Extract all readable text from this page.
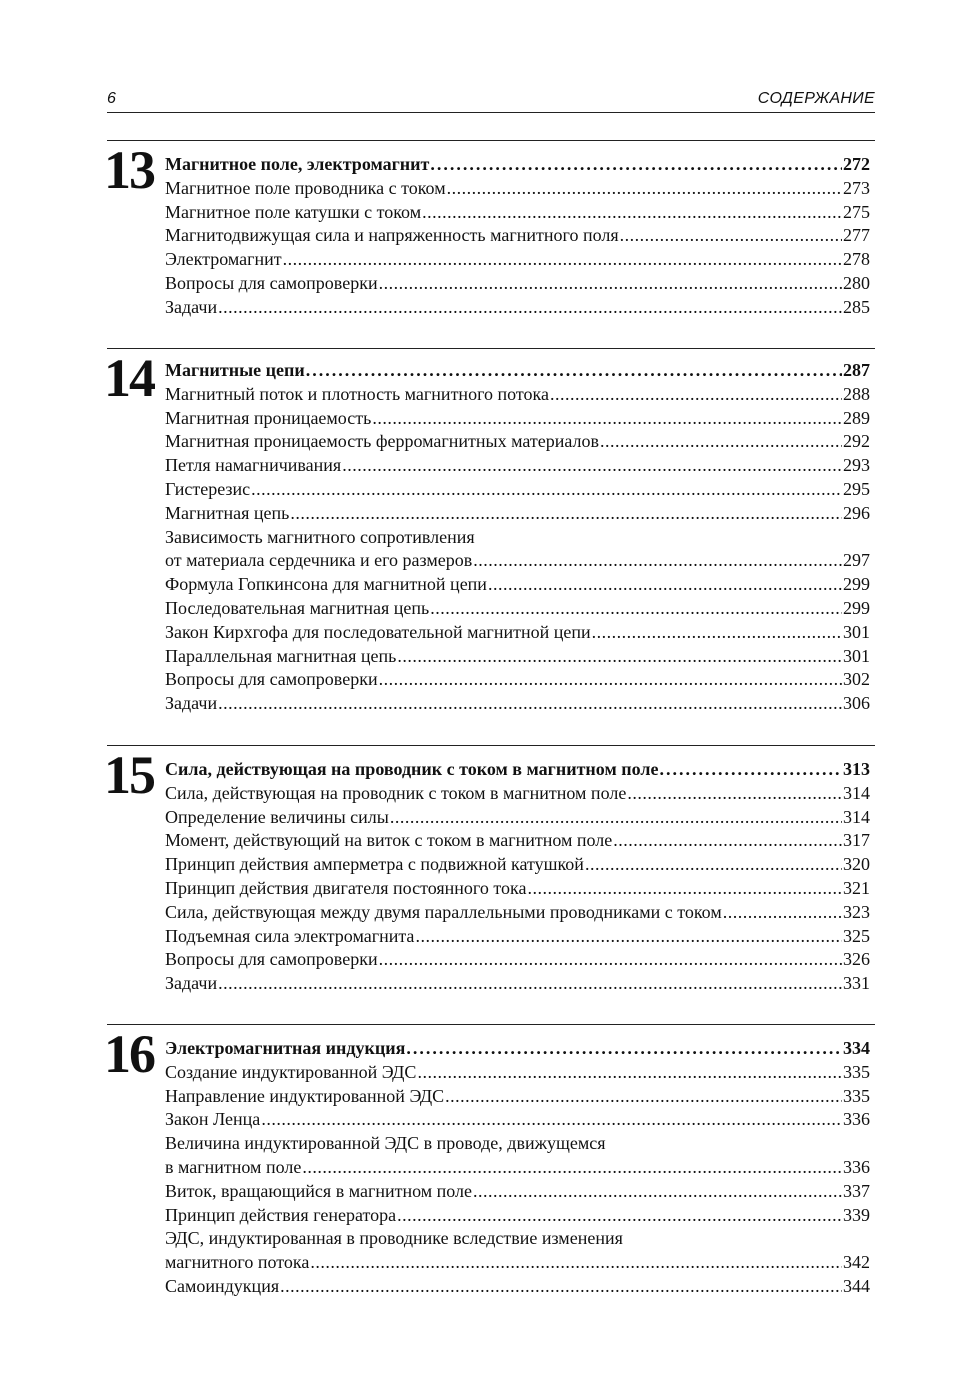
6	СОДЕРЖАНИЕ
13 Магнитное поле, электромагнит .....	272
Магнитное поле проводника с током .....	273
Магнитное поле катушки с током .....	275
Магнитодвижущая сила и напряженность магнитного поля .....	277
Электромагнит .....	278
Вопросы для самопроверки .....	280
Задачи .....	285
14 Магнитные цепи .....	287
Магнитный поток и плотность магнитного потока .....	288
Магнитная проницаемость .....	289
Магнитная проницаемость ферромагнитных материалов .....	292
Петля намагничивания .....	293
Гистерезис .....	295
Магнитная цепь .....	296
Зависимость магнитного сопротивления
от материала сердечника и его размеров .....	297
Формула Гопкинсона для магнитной цепи .....	299
Последовательная магнитная цепь .....	299
Закон Кирхгофа для последовательной магнитной цепи .....	301
Параллельная магнитная цепь .....	301
Вопросы для самопроверки .....	302
Задачи .....	306
15 Сила, действующая на проводник с током в магнитном поле .....	313
Сила, действующая на проводник с током в магнитном поле .....	314
Определение величины силы .....	314
Момент, действующий на виток с током в магнитном поле .....	317
Принцип действия амперметра с подвижной катушкой .....	320
Принцип действия двигателя постоянного тока .....	321
Сила, действующая между двумя параллельными проводниками с током .....	323
Подъемная сила электромагнита .....	325
Вопросы для самопроверки .....	326
Задачи .....	331
16 Электромагнитная индукция .....	334
Создание индуктированной ЭДС .....	335
Направление индуктированной ЭДС .....	335
Закон Ленца .....	336
Величина индуктированной ЭДС в проводе, движущемся
в магнитном поле .....	336
Виток, вращающийся в магнитном поле .....	337
Принцип действия генератора .....	339
ЭДС, индуктированная в проводнике вследствие изменения
магнитного потока .....	342
Самоиндукция .....	344
